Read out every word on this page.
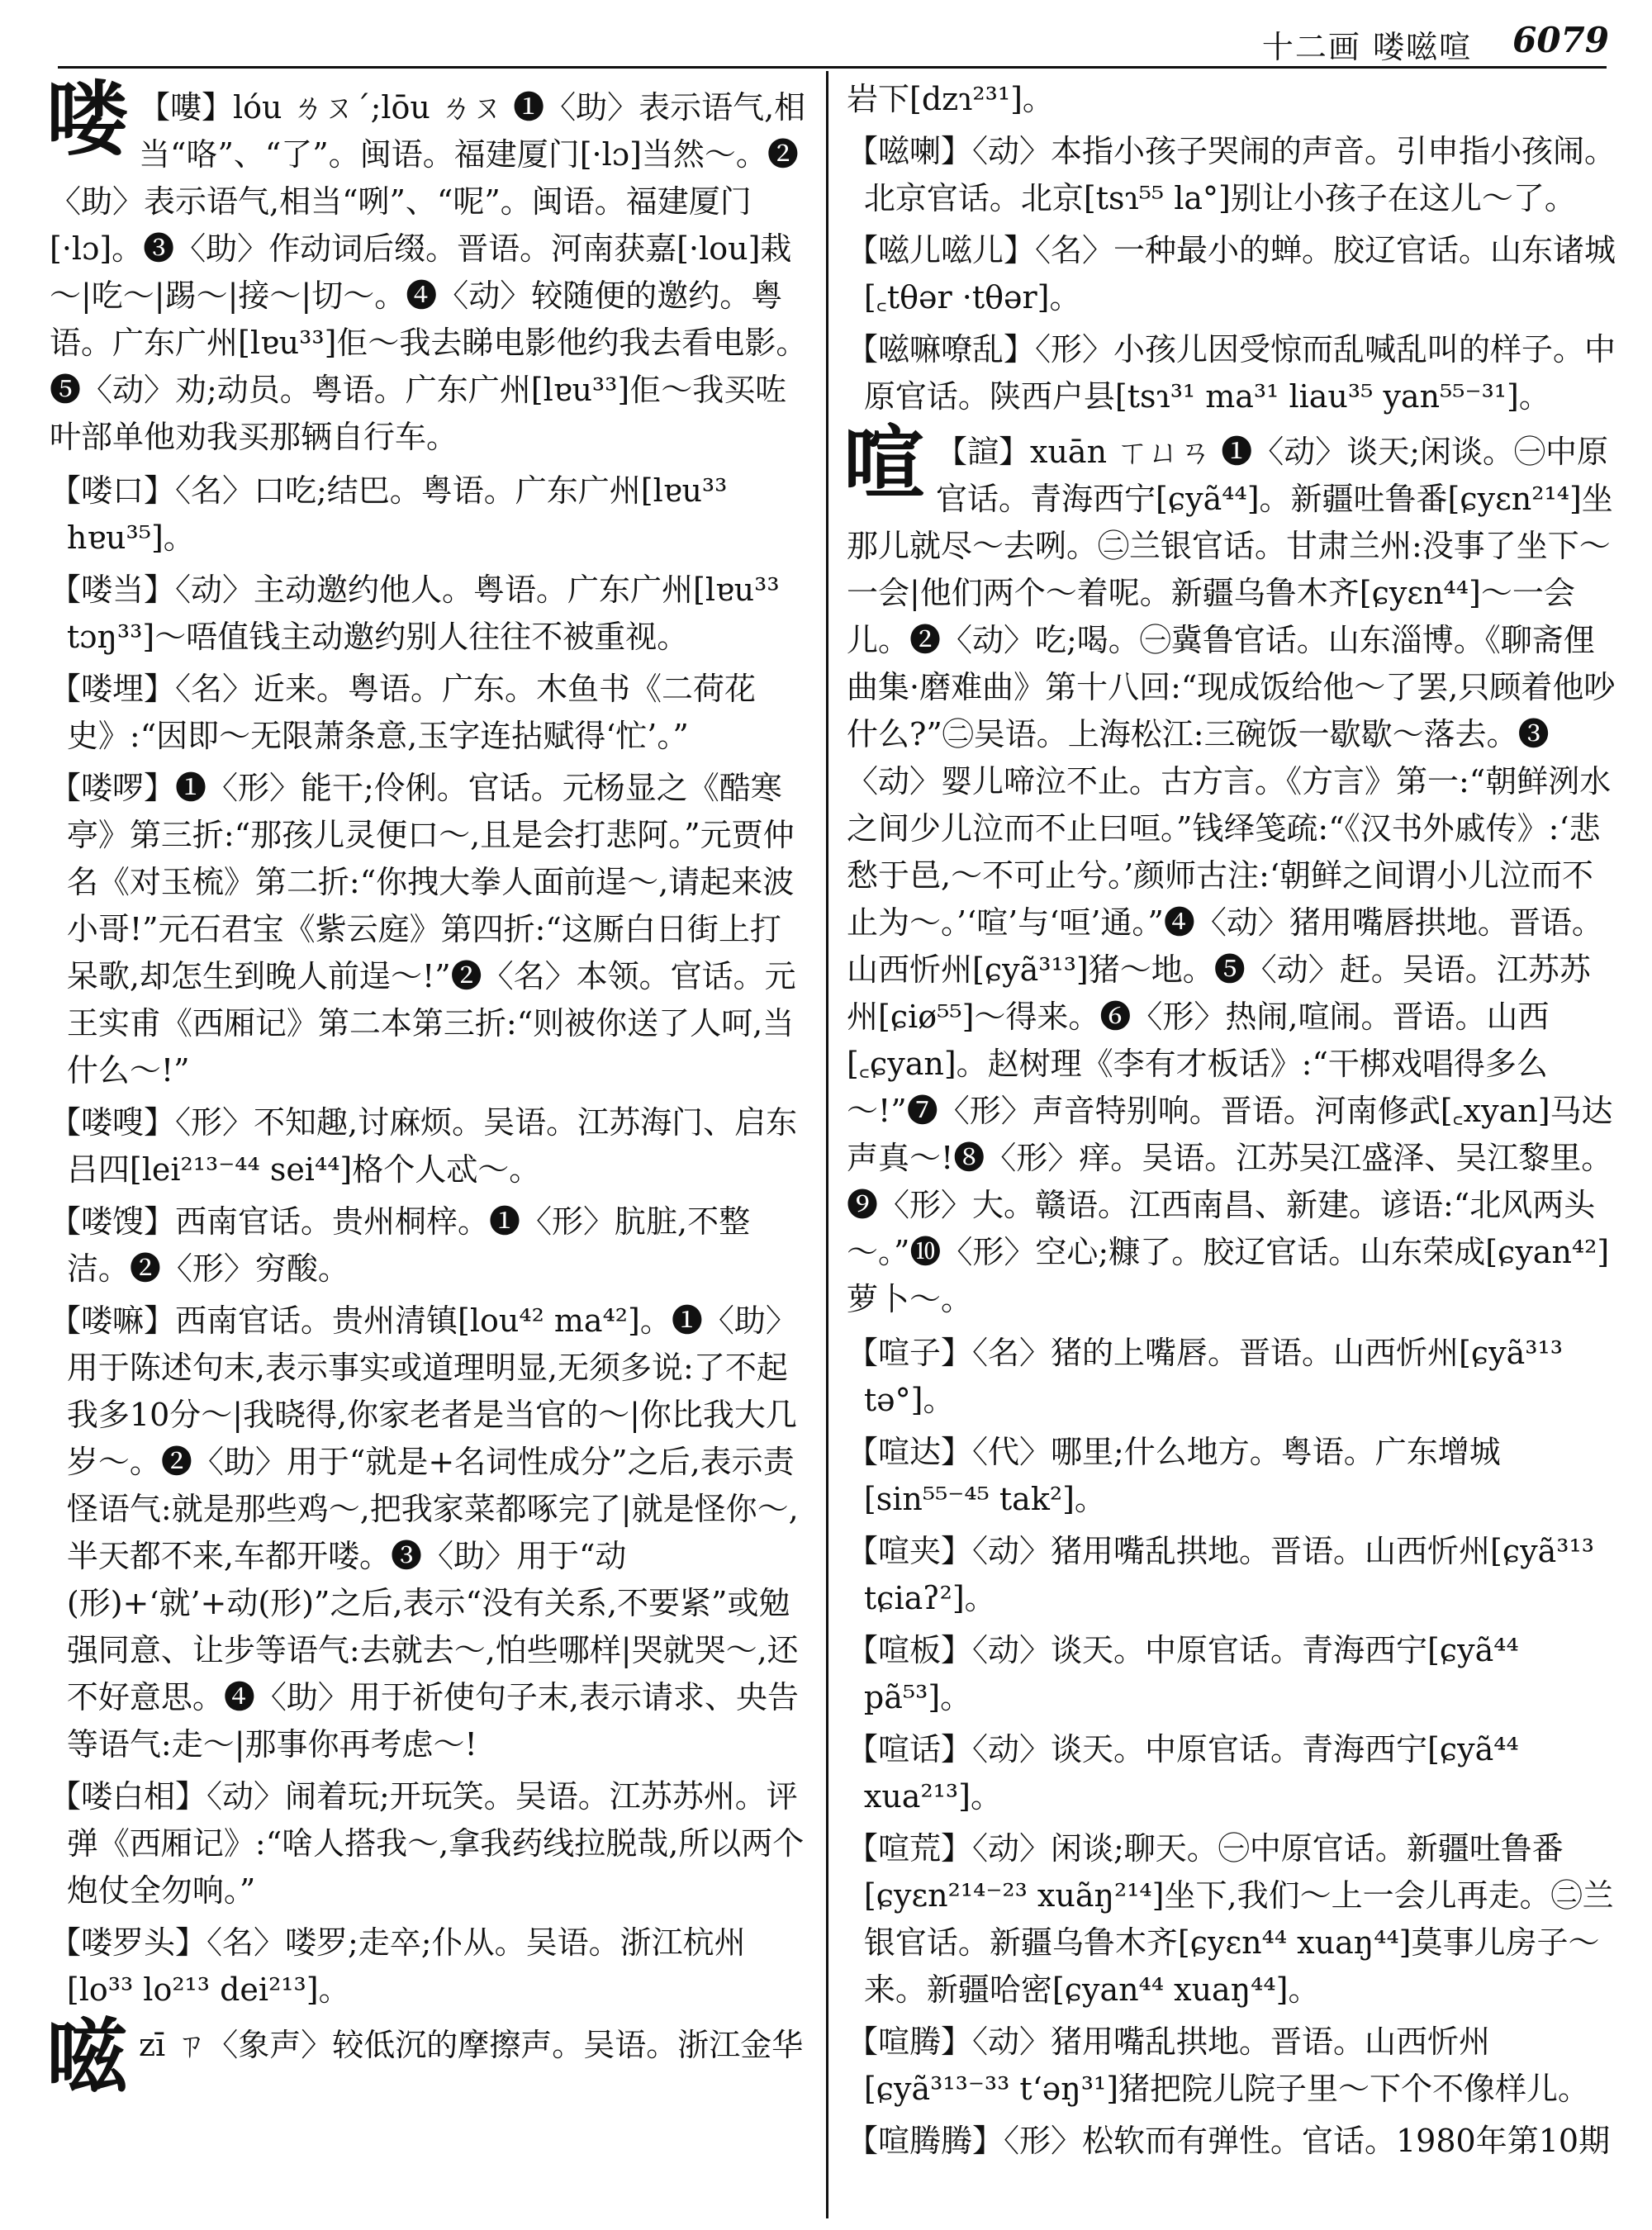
十二画 喽嗞喧 6079
喽 【嘍】lóu ㄌㄡˊ;lōu ㄌㄡ ❶〈助〉表示语气,相当“咯”、“了”。闽语。福建厦门[·lɔ]当然～。❷〈助〉表示语气,相当“咧”、“呢”。闽语。福建厦门[·lɔ]。❸〈助〉作动词后缀。晋语。河南获嘉[·lou]栽～|吃～|踢～|接～|切～。❹〈动〉较随便的邀约。粤语。广东广州[lɐu³³]佢～我去睇电影他约我去看电影。❺〈动〉劝;动员。粤语。广东广州[lɐu³³]佢～我买咗叶部单他劝我买那辆自行车。
【喽口】〈名〉口吃;结巴。粤语。广东广州[lɐu³³ hɐu³⁵]。
【喽当】〈动〉主动邀约他人。粤语。广东广州[lɐu³³ tɔŋ³³]～唔值钱主动邀约别人往往不被重视。
【喽埋】〈名〉近来。粤语。广东。木鱼书《二荷花史》:“因即～无限萧条意,玉字连拈赋得‘忙’。”
【喽啰】❶〈形〉能干;伶俐。官话。元杨显之《酷寒亭》第三折:“那孩儿灵便口～,且是会打悲阿。”元贾仲名《对玉梳》第二折:“你拽大拳人面前逞～,请起来波小哥!”元石君宝《紫云庭》第四折:“这厮白日街上打呆歌,却怎生到晚人前逞～!”❷〈名〉本领。官话。元王实甫《西厢记》第二本第三折:“则被你送了人呵,当什么～!”
【喽嗖】〈形〉不知趣,讨麻烦。吴语。江苏海门、启东吕四[lei²¹³⁻⁴⁴ sei⁴⁴]格个人忒～。
【喽馊】西南官话。贵州桐梓。❶〈形〉肮脏,不整洁。❷〈形〉穷酸。
【喽嘛】西南官话。贵州清镇[lou⁴² ma⁴²]。❶〈助〉用于陈述句末,表示事实或道理明显,无须多说:了不起我多10分～|我晓得,你家老者是当官的～|你比我大几岁～。❷〈助〉用于“就是+名词性成分”之后,表示责怪语气:就是那些鸡～,把我家菜都啄完了|就是怪你～,半天都不来,车都开喽。❸〈助〉用于“动(形)+‘就’+动(形)”之后,表示“没有关系,不要紧”或勉强同意、让步等语气:去就去～,怕些哪样|哭就哭～,还不好意思。❹〈助〉用于祈使句子末,表示请求、央告等语气:走～|那事你再考虑～!
【喽白相】〈动〉闹着玩;开玩笑。吴语。江苏苏州。评弹《西厢记》:“啥人搭我～,拿我药线拉脱哉,所以两个炮仗全勿响。”
【喽罗头】〈名〉喽罗;走卒;仆从。吴语。浙江杭州[lo³³ lo²¹³ dei²¹³]。
嗞 zī ㄗ〈象声〉较低沉的摩擦声。吴语。浙江金华
岩下[dzɿ²³¹]。
【嗞喇】〈动〉本指小孩子哭闹的声音。引申指小孩闹。北京官话。北京[tsɿ⁵⁵ la°]别让小孩子在这儿～了。
【嗞儿嗞儿】〈名〉一种最小的蝉。胶辽官话。山东诸城[꜀tθər ·tθər]。
【嗞嘛嘹乱】〈形〉小孩儿因受惊而乱喊乱叫的样子。中原官话。陕西户县[tsɿ³¹ ma³¹ liau³⁵ yan⁵⁵⁻³¹]。
喧 【諠】xuān ㄒㄩㄢ ❶〈动〉谈天;闲谈。㊀中原官话。青海西宁[ɕyã⁴⁴]。新疆吐鲁番[ɕyɛn²¹⁴]坐那儿就尽～去咧。㊁兰银官话。甘肃兰州:没事了坐下～一会|他们两个～着呢。新疆乌鲁木齐[ɕyɛn⁴⁴]～一会儿。❷〈动〉吃;喝。㊀冀鲁官话。山东淄博。《聊斋俚曲集·磨难曲》第十八回:“现成饭给他～了罢,只顾着他吵什么?”㊁吴语。上海松江:三碗饭一歇歇～落去。❸〈动〉婴儿啼泣不止。古方言。《方言》第一:“朝鲜洌水之间少儿泣而不止曰咺。”钱绎笺疏:“《汉书外戚传》:‘悲愁于邑,～不可止兮。’颜师古注:‘朝鲜之间谓小儿泣而不止为～。’‘喧’与‘咺’通。”❹〈动〉猪用嘴唇拱地。晋语。山西忻州[ɕyã³¹³]猪～地。❺〈动〉赶。吴语。江苏苏州[ɕiø⁵⁵]～得来。❻〈形〉热闹,喧闹。晋语。山西[꜀ɕyan]。赵树理《李有才板话》:“干梆戏唱得多么～!”❼〈形〉声音特别响。晋语。河南修武[꜀xyan]马达声真～!❽〈形〉痒。吴语。江苏吴江盛泽、吴江黎里。❾〈形〉大。赣语。江西南昌、新建。谚语:“北风两头～。”❿〈形〉空心;糠了。胶辽官话。山东荣成[ɕyan⁴²]萝卜～。
【喧子】〈名〉猪的上嘴唇。晋语。山西忻州[ɕyã³¹³ tə°]。
【喧达】〈代〉哪里;什么地方。粤语。广东增城[sin⁵⁵⁻⁴⁵ tak²]。
【喧夹】〈动〉猪用嘴乱拱地。晋语。山西忻州[ɕyã³¹³ tɕiaʔ²]。
【喧板】〈动〉谈天。中原官话。青海西宁[ɕyã⁴⁴ pã⁵³]。
【喧话】〈动〉谈天。中原官话。青海西宁[ɕyã⁴⁴ xua²¹³]。
【喧荒】〈动〉闲谈;聊天。㊀中原官话。新疆吐鲁番[ɕyɛn²¹⁴⁻²³ xuãŋ²¹⁴]坐下,我们～上一会儿再走。㊁兰银官话。新疆乌鲁木齐[ɕyɛn⁴⁴ xuaŋ⁴⁴]莫事儿房子～来。新疆哈密[ɕyan⁴⁴ xuaŋ⁴⁴]。
【喧腾】〈动〉猪用嘴乱拱地。晋语。山西忻州[ɕyã³¹³⁻³³ tʻəŋ³¹]猪把院儿院子里～下个不像样儿。
【喧腾腾】〈形〉松软而有弹性。官话。1980年第10期
